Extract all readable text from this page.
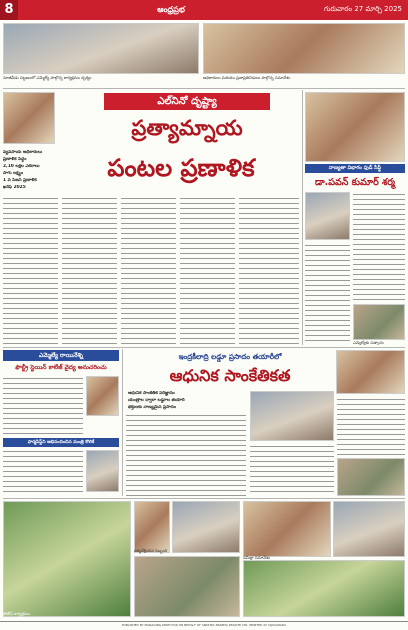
8	ఆంధ్రప్రభ	గురువారం 27 మార్చి 2025
నూజివీడు పట్టణంలో ఎమ్మెల్యే పాల్గొన్న కార్యక్రమం దృశ్యం	అధికారులు మరియు ప్రజాప్రతినిధులు పాల్గొన్న సమావేశం
ఎల్‌నినో దృష్ట్యా
ప్రత్యామ్నాయ
పంటల ప్రణాళిక
వ్యవసాయ అధికారులు
ప్రణాళిక సిద్ధం
2,10 లక్షల ఎకరాలు
సాగు లక్ష్యం
1 వ సీజన్‌ ప్రణాళిక
ఖరీఫ్‌ 2025
నాణ్యతా విభాగం ఫుడ్ సేఫ్టీ
డా.పవన్ కుమార్ శర్మ
ఎమ్మెల్యేకు సత్కారం
ఎమ్మెల్యే రాయినేశ్ని
ఫౌల్ట్రీ స్టెయిన్ కాలేజ్ వైద్య అనుచరించు
ఫార్మసిస్ట్‌ని అభినందించిన మంత్రి కొలికే
ఇంద్రకీలాద్రి లడ్డూ ప్రసాదం తయారీలో
ఆధునిక సాంకేతికత
ఆధునిక సాంకేతిక పరిజ్ఞానం
యంత్రాల ద్వారా లడ్డూల తయారీ
భక్తులకు నాణ్యమైన ప్రసాదం
పోలీస్ కార్యక్రమం
పర్యవేక్షించిన సిబ్బంది
సమీక్షా సమావేశం
PUBLISHED BY MANAGING DIRECTOR ON BEHALF OF ANDHRA PRABHA PRIVATE LTD. PRINTED AT VIJAYAWADA
